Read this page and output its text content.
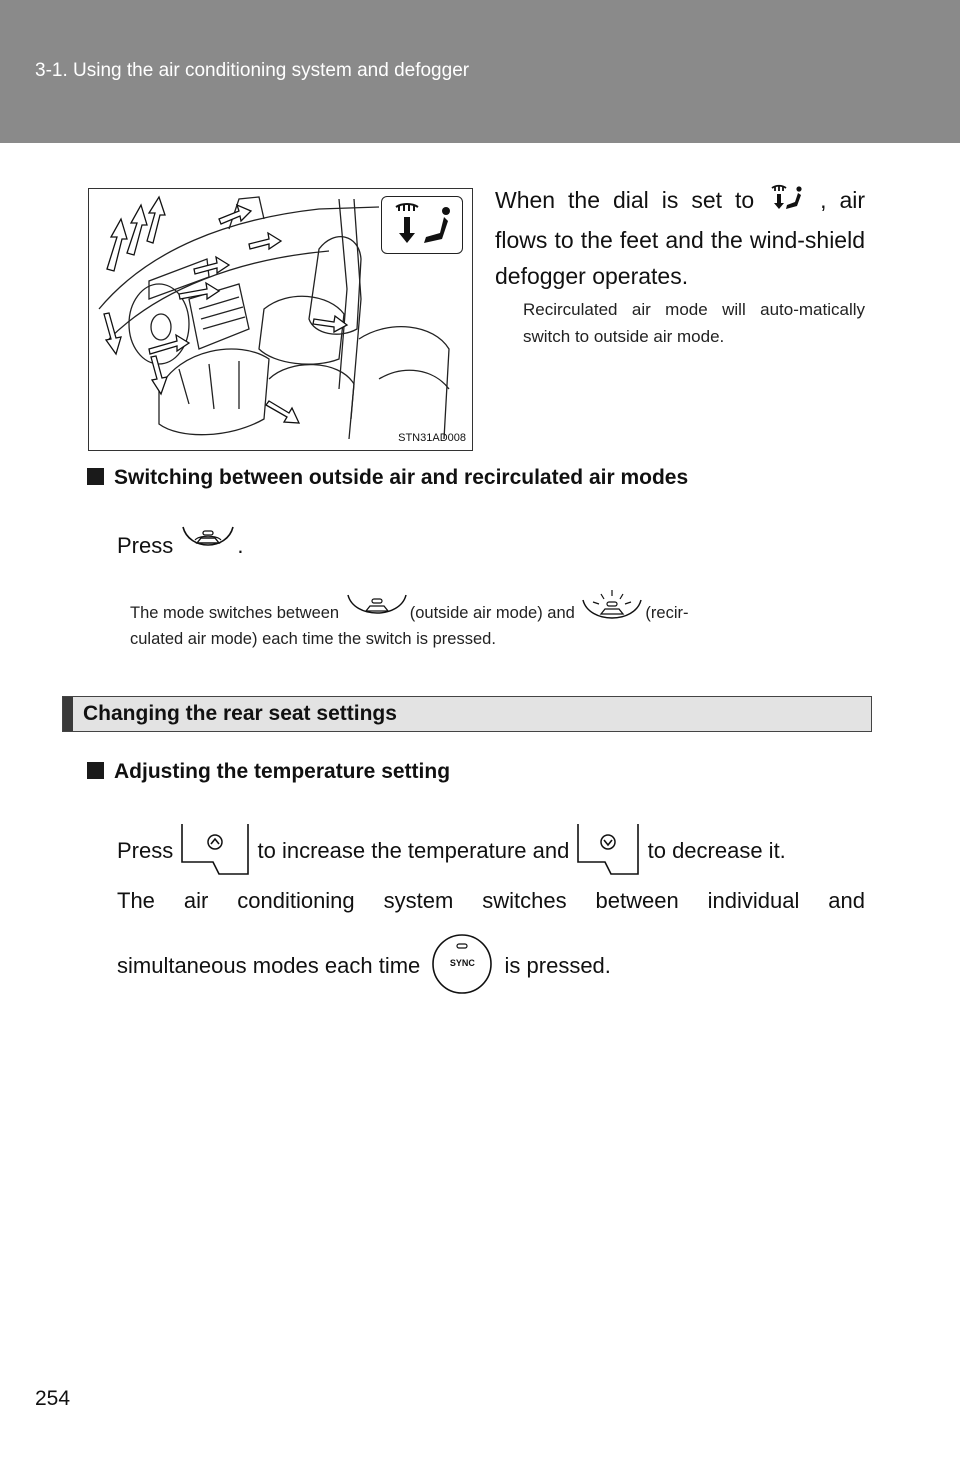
3-1. Using the air conditioning system and defogger
STN31AD008
When the dial is set to	, air flows to the feet and the wind-shield defogger operates.
Recirculated air mode will auto-matically switch to outside air mode.
Switching between outside air and recirculated air modes
Press	.
The mode switches between	(outside air mode) and	(recir-
culated air mode) each time the switch is pressed.
Changing the rear seat settings
Adjusting the temperature setting
Press	to increase the temperature and	to decrease it.
The air conditioning system switches between individual and
simultaneous modes each time	SYNC	is pressed.
254
